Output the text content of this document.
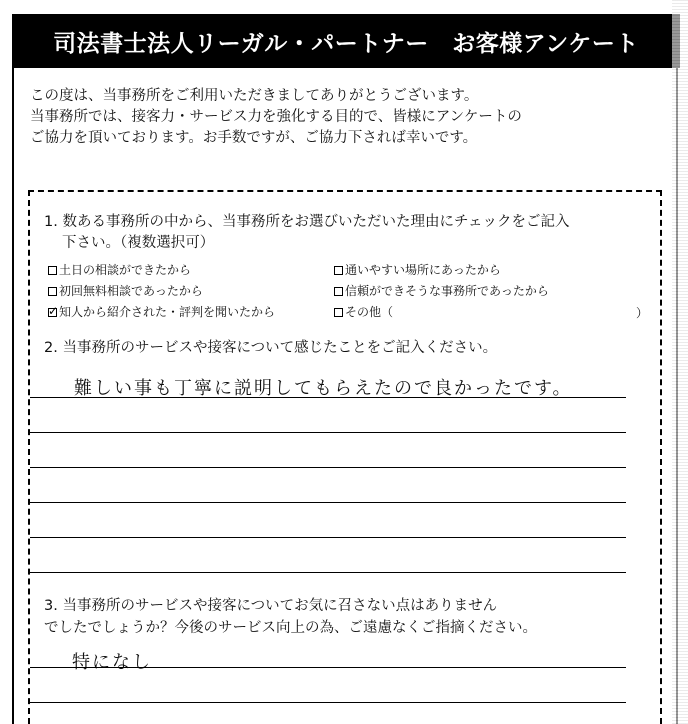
司法書士法人リーガル・パートナー　お客様アンケート
この度は、当事務所をご利用いただきましてありがとうございます。
当事務所では、接客力・サービス力を強化する目的で、皆様にアンケートの
ご協力を頂いております。お手数ですが、ご協力下されば幸いです。
1. 数ある事務所の中から、当事務所をお選びいただいた理由にチェックをご記入
下さい。（複数選択可）
土日の相談ができたから	通いやすい場所にあったから
初回無料相談であったから	信頼ができそうな事務所であったから
✓
知人から紹介された・評判を聞いたから	その他（	）
2. 当事務所のサービスや接客について感じたことをご記入ください。
難しい事も丁寧に説明してもらえたので良かったです。
3. 当事務所のサービスや接客についてお気に召さない点はありません
でしたでしょうか？今後のサービス向上の為、ご遠慮なくご指摘ください。
特になし
